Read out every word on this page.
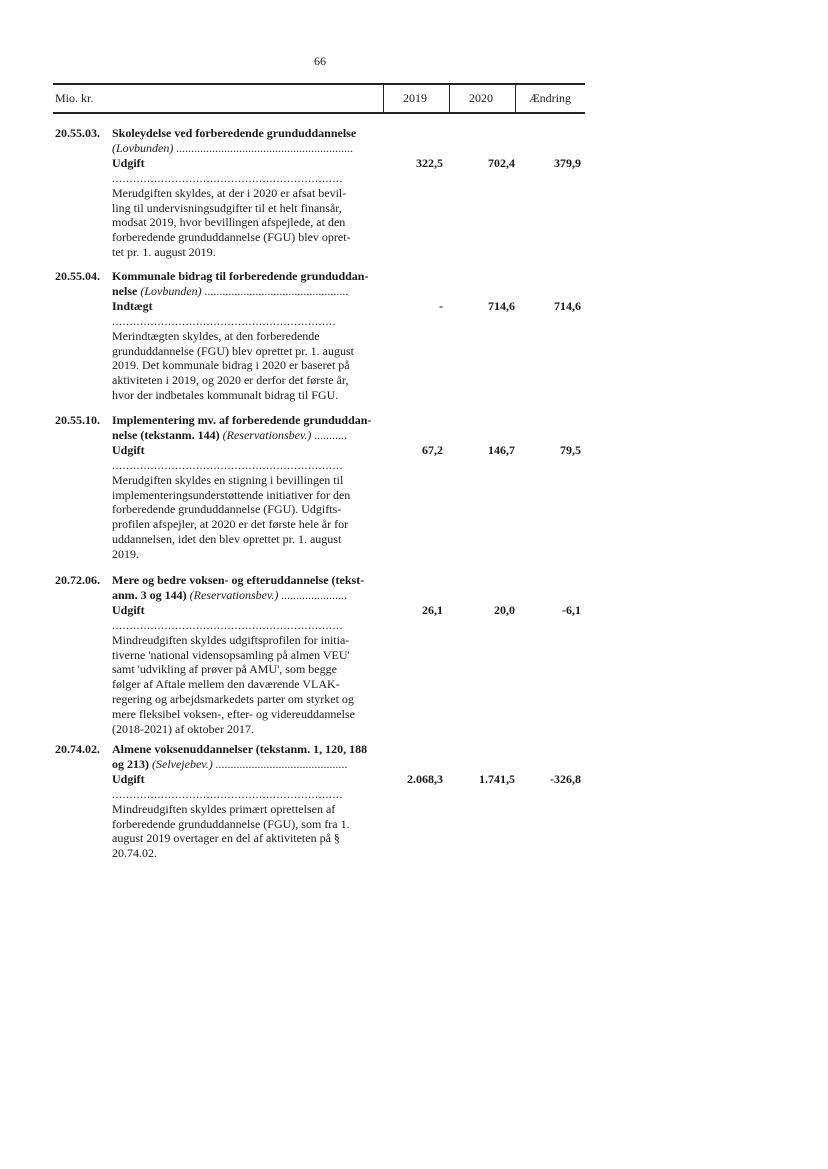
66
Mio. kr.	2019	2020	Ændring
20.55.03. Skoleydelse ved forberedende grunduddannelse
(Lovbunden) ...........................................................
Udgift ..................................................................
Merudgiften skyldes, at der i 2020 er afsat bevil-
ling til undervisningsudgifter til et helt finansår,
modsat 2019, hvor bevillingen afspejlede, at den
forberedende grunduddannelse (FGU) blev opret-
tet pr. 1. august 2019.
322,5	702,4	379,9
20.55.04. Kommunale bidrag til forberedende grunduddan-
nelse (Lovbunden) ................................................
Indtægt ................................................................
Merindtægten skyldes, at den forberedende
grunduddannelse (FGU) blev oprettet pr. 1. august
2019. Det kommunale bidrag i 2020 er baseret på
aktiviteten i 2019, og 2020 er derfor det første år,
hvor der indbetales kommunalt bidrag til FGU.
-	714,6	714,6
20.55.10. Implementering mv. af forberedende grunduddan-
nelse (tekstanm. 144) (Reservationsbev.) ...........
Udgift ..................................................................
Merudgiften skyldes en stigning i bevillingen til
implementeringsunderstøttende initiativer for den
forberedende grunduddannelse (FGU). Udgifts-
profilen afspejler, at 2020 er det første hele år for
uddannelsen, idet den blev oprettet pr. 1. august
2019.
67,2	146,7	79,5
20.72.06. Mere og bedre voksen- og efteruddannelse (tekst-
anm. 3 og 144) (Reservationsbev.) ......................
Udgift ..................................................................
Mindreudgiften skyldes udgiftsprofilen for initia-
tiverne 'national vidensopsamling på almen VEU'
samt 'udvikling af prøver på AMU', som begge
følger af Aftale mellem den daværende VLAK-
regering og arbejdsmarkedets parter om styrket og
mere fleksibel voksen-, efter- og videreuddannelse
(2018-2021) af oktober 2017.
26,1	20,0	-6,1
20.74.02. Almene voksenuddannelser (tekstanm. 1, 120, 188
og 213) (Selvejebev.) ............................................
Udgift ..................................................................
Mindreudgiften skyldes primært oprettelsen af
forberedende grunduddannelse (FGU), som fra 1.
august 2019 overtager en del af aktiviteten på §
20.74.02.
2.068,3	1.741,5	-326,8
